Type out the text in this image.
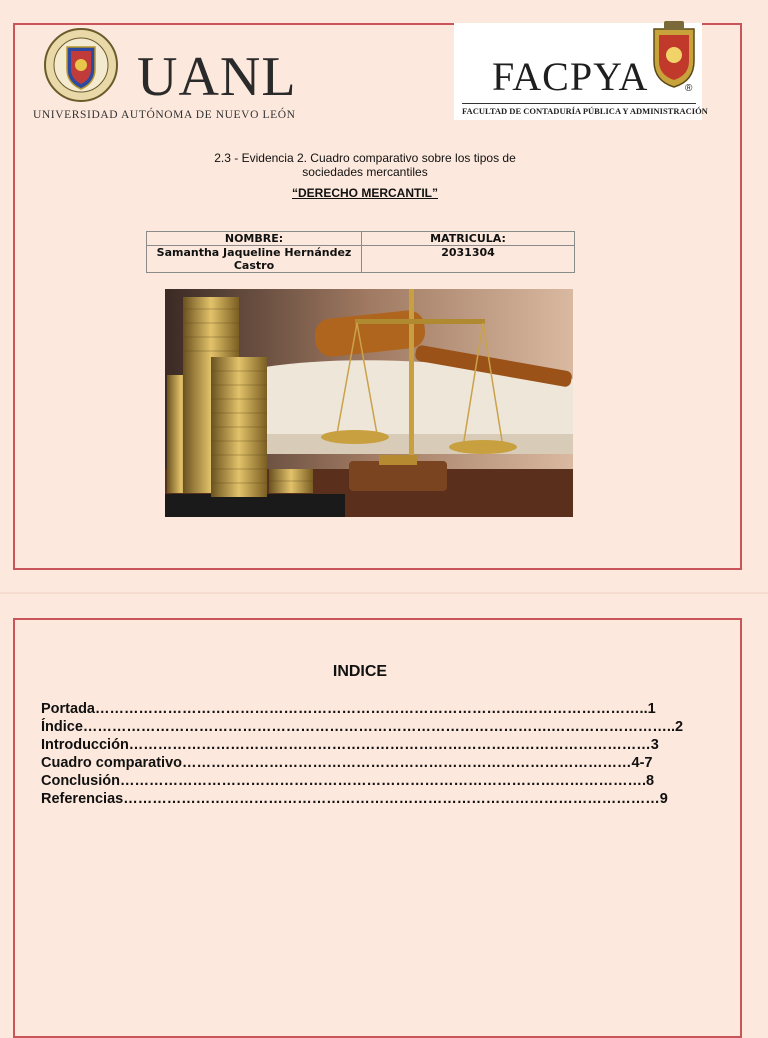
UANL
UNIVERSIDAD AUTÓNOMA DE NUEVO LEÓN
FACPYA	®
FACULTAD DE CONTADURÍA PÚBLICA Y ADMINISTRACIÓN
2.3 - Evidencia 2. Cuadro comparativo sobre los tipos de sociedades mercantiles
“DERECHO MERCANTIL”
NOMBRE:	MATRICULA:
Samantha Jaqueline Hernández Castro	2031304
INDICE
Portada……………………………………………………………………………..……………………..1
Índice…………………………………………………………………………………….……………………..2
Introducción………………………………………………………………………………………………3
Cuadro comparativo…………………………………………………………………………………4-7
Conclusión……………………………………………………………………………………………….8
Referencias…………………………………………………………………………………………………9
